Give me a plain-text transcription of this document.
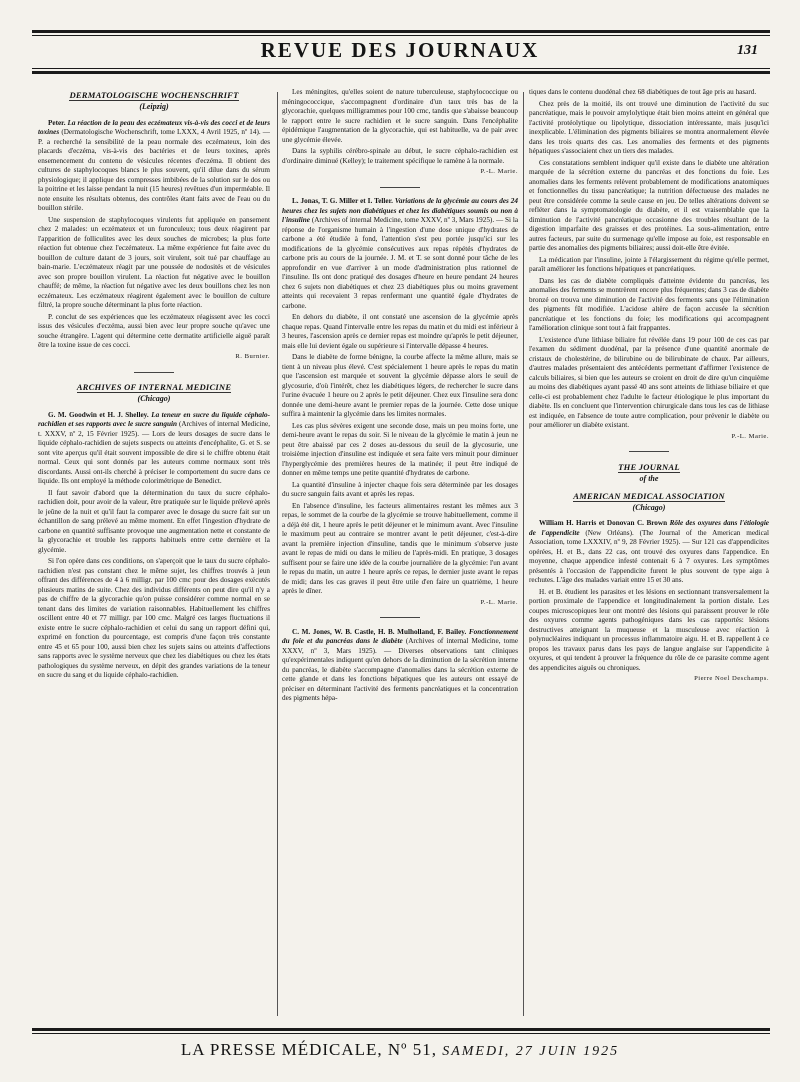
REVUE DES JOURNAUX	131
DERMATOLOGISCHE WOCHENSCHRIFT
(Leipzig)

Peter. La réaction de la peau des eczémateux vis-à-vis des cocci et de leurs toxines (Dermatologische Wochenschrift, tome LXXX, 4 Avril 1925, nº 14). — P. a recherché la sensibilité de la peau normale des eczémateux, loin des placards d'eczéma, vis-à-vis des bactéries et de leurs toxines, après ensemencement du contenu de vésicules récentes d'eczéma. Il obtient des cultures de staphylocoques blancs le plus souvent, qu'il dilue dans du sérum physiologique; il applique des compresses imbibées de la solution sur le dos ou la poitrine et les laisse pendant la nuit (15 heures) revêtues d'un imperméable. Il note ensuite les résultats obtenus, des contrôles étant faits avec de l'eau ou du bouillon stérile.

Une suspension de staphylocoques virulents fut appliquée en pansement chez 2 malades: un eczémateux et un furonculeux; tous deux réagirent par l'apparition de folliculites avec les deux souches de microbes; la plus forte réaction fut obtenue chez l'eczémateux. La même expérience fut faite avec du bouillon de culture datant de 3 jours, soit virulent, soit tué par chauffage au bain-marie. L'eczémateux réagit par une poussée de nodosités et de vésicules avec son propre bouillon virulent. La réaction fut négative avec le bouillon chauffé; de même, la réaction fut négative avec les deux bouillons chez les non eczémateux. Les eczémateux réagirent également avec le bouillon de culture filtré, la propre souche déterminant la plus forte réaction.

P. conclut de ses expériences que les eczémateux réagissent avec les cocci issus des vésicules d'eczéma, aussi bien avec leur propre souche qu'avec une souche étrangère. L'agent qui détermine cette dermatite artificielle aiguë paraît être la toxine issue de ces cocci.

R. Burnier.
ARCHIVES OF INTERNAL MEDICINE
(Chicago)

G. M. Goodwin et H. J. Shelley. La teneur en sucre du liquide céphalo-rachidien et ses rapports avec le sucre sanguin (Archives of internal Medicine, t. XXXV, nº 2, 15 Février 1925). — Lors de leurs dosages de sucre dans le liquide céphalo-rachidien de sujets suspects ou atteints d'encéphalite, G. et S. se sont vite aperçus qu'il était souvent impossible de dire si le chiffre obtenu était normal. Ceux qui sont donnés par les auteurs comme normaux sont très discordants. Aussi ont-ils cherché à préciser le comportement du sucre dans ce liquide. Ils ont employé la méthode colorimétrique de Benedict.

Il faut savoir d'abord que la détermination du taux du sucre céphalo-rachidien doit, pour avoir de la valeur, être pratiquée sur le liquide prélevé après le jeûne de la nuit et qu'il faut la comparer avec le dosage du sucre fait sur un échantillon de sang prélevé au même moment. En effet l'ingestion d'hydrate de carbone en quantité suffisante provoque une augmentation nette et constante de la glycorachie et trouble les rapports habituels entre cette dernière et la glycémie.

Si l'on opère dans ces conditions, on s'aperçoit que le taux du sucre céphalo-rachidien n'est pas constant chez le même sujet, les chiffres trouvés à jeun offrant des différences de 4 à 6 milligr. par 100 cmc pour des dosages exécutés plusieurs matins de suite. Chez des individus différents on peut dire qu'il n'y a pas de chiffre de la glycorachie qu'on puisse considérer comme normal en se tenant dans des limites de variation raisonnables. Habituellement les chiffres oscillent entre 40 et 77 milligr. par 100 cmc. Malgré ces larges fluctuations il existe entre le sucre céphalo-rachidien et celui du sang un rapport défini qui, exprimé en fonction du pourcentage, est compris d'une façon très constante entre 45 et 65 pour 100, aussi bien chez les sujets sains ou atteints d'affections sans rapports avec le système nerveux que chez les diabétiques ou chez les états pathologiques du système nerveux, en dépit des grandes variations de la teneur en sucre du sang et du liquide céphalo-rachidien.

Les méningites, qu'elles soient de nature tuberculeuse, staphylococcique ou méningococcique, s'accompagnent d'ordinaire d'un taux très bas de la glycorachie, quelques milligrammes pour 100 cmc, tandis que s'abaisse beaucoup le rapport entre le sucre rachidien et le sucre sanguin. Dans l'encéphalite épidémique l'augmentation de la glycorachie, qui est habituelle, va de pair avec une glycémie élevée.

Dans la syphilis cérébro-spinale au début, le sucre céphalo-rachidien est d'ordinaire diminué (Kelley); le traitement spécifique le ramène à la normale.

P.-L. Marie.

L. Jonas, T. G. Miller et I. Teller. Variations de la glycémie au cours des 24 heures chez les sujets non diabétiques et chez les diabétiques soumis ou non à l'insuline (Archives of internal Medicine, tome XXXV, nº 3, Mars 1925). — Si la réponse de l'organisme humain à l'ingestion d'une dose unique d'hydrates de carbone a été étudiée à fond, l'attention s'est peu portée jusqu'ici sur les modifications de la glycémie consécutives aux repas répétés d'hydrates de carbone pris au cours de la journée. J. M. et T. se sont donné pour tâche de les approfondir en vue d'arriver à un mode d'administration plus rationnel de l'insuline. Ils ont donc pratiqué des dosages d'heure en heure pendant 24 heures chez 6 sujets non diabétiques et chez 23 diabétiques plus ou moins gravement atteints qui recevaient 3 repas renfermant une quantité égale d'hydrates de carbone.

En dehors du diabète, il ont constaté une ascension de la glycémie après chaque repas. Quand l'intervalle entre les repas du matin et du midi est inférieur à 3 heures, l'ascension après ce dernier repas est moindre qu'après le petit déjeuner, mais elle lui devient égale ou supérieure si l'intervalle dépasse 4 heures.

Dans le diabète de forme bénigne, la courbe affecte la même allure, mais se tient à un niveau plus élevé. C'est spécialement 1 heure après le repas du matin que l'ascension est marquée et souvent la glycémie dépasse alors le seuil de glycosurie, d'où l'intérêt, chez les diabétiques légers, de rechercher le sucre dans l'urine évacuée 1 heure ou 2 après le petit déjeuner. Chez eux l'insuline sera donc donnée une demi-heure avant le premier repas de la journée. Cette dose unique suffira à maintenir la glycémie dans les limites normales.

Les cas plus sévères exigent une seconde dose, mais un peu moins forte, une demi-heure avant le repas du soir. Si le niveau de la glycémie le matin à jeun ne peut être abaissé par ces 2 doses au-dessous du seuil de la glycosurie, une troisième injection d'insuline est indiquée et sera faite vers minuit pour diminuer l'hyperglycémie des premières heures de la matinée; il peut être indiqué de donner en même temps une petite quantité d'hydrates de carbone.

La quantité d'insuline à injecter chaque fois sera déterminée par les dosages du sucre sanguin faits avant et après les repas.

En l'absence d'insuline, les facteurs alimentaires restant les mêmes aux 3 repas, le sommet de la courbe de la glycémie se trouve habituellement, comme il a déjà été dit, 1 heure après le petit déjeuner et le minimum avant. Avec l'insuline le maximum peut au contraire se montrer avant le petit déjeuner, c'est-à-dire avant la première injection d'insuline, tandis que le minimum s'observe juste avant le repas de midi ou dans le milieu de l'après-midi. En pratique, 3 dosages suffisent pour se faire une idée de la courbe journalière de la glycémie: l'un avant le repas du matin, un autre 1 heure après ce repas, le dernier juste avant le repas de midi; dans les cas graves il peut être utile d'en faire un quatrième, 1 heure après le dîner.

P.-L. Marie.

C. M. Jones, W. B. Castle, H. B. Mulholland, F. Bailey. Fonctionnement du foie et du pancréas dans le diabète (Archives of internal Medicine, tome XXXV, nº 3, Mars 1925). — Diverses observations tant cliniques qu'expérimentales indiquent qu'en dehors de la diminution de la sécrétion interne du pancréas, le diabète s'accompagne d'anomalies dans la sécrétion externe de cette glande et dans les fonctions hépatiques que les auteurs ont essayé de préciser en déterminant l'activité des ferments pancréatiques et la concentration des pigments hépa-

tiques dans le contenu duodénal chez 68 diabétiques de tout âge pris au hasard.

Chez près de la moitié, ils ont trouvé une diminution de l'activité du suc pancréatique, mais le pouvoir amylolytique était bien moins atteint en général que l'activité protéolytique ou lipolytique, dissociation intéressante, mais jusqu'ici inexplicable. L'élimination des pigments biliaires se montra anormalement élevée dans les trois quarts des cas. Les anomalies des ferments et des pigments hépatiques s'associaient chez un tiers des malades.

Ces constatations semblent indiquer qu'il existe dans le diabète une altération marquée de la sécrétion externe du pancréas et des fonctions du foie. Les anomalies dans les ferments relèvent probablement de modifications anatomiques et fonctionnelles du tissu pancréatique; la nutrition défectueuse des malades ne peut être considérée comme la seule cause en jeu. De telles altérations doivent se refléter dans la symptomatologie du diabète, et il est vraisemblable que la diminution de l'activité pancréatique occasionne des troubles résultant de la digestion imparfaite des graisses et des protéines. La sous-alimentation, entre autres facteurs, par suite du surmenage qu'elle impose au foie, est responsable en partie des anomalies des pigments biliaires; aussi doit-elle être évitée.

La médication par l'insuline, jointe à l'élargissement du régime qu'elle permet, paraît améliorer les fonctions hépatiques et pancréatiques.

Dans les cas de diabète compliqués d'atteinte évidente du pancréas, les anomalies des ferments se montrèrent encore plus fréquentes; dans 3 cas de diabète bronzé on trouva une diminution de l'activité des ferments sans que l'élimination des pigments fût modifiée. L'acidose altère de façon accusée la sécrétion pancréatique et les fonctions du foie; les modifications qui accompagnent l'amélioration clinique sont tout à fait frappantes.

L'existence d'une lithiase biliaire fut révélée dans 19 pour 100 de ces cas par l'examen du sédiment duodénal, par la présence d'une quantité anormale de cristaux de cholestérine, de bilirubine ou de bilirubinate de chaux. Par ailleurs, d'autres malades présentaient des antécédents permettant d'affirmer l'existence de calculs biliaires, si bien que les auteurs se croient en droit de dire qu'un cinquième au moins des diabétiques ayant passé 40 ans sont atteints de lithiase biliaire et que celle-ci est probablement chez l'adulte le facteur étiologique le plus important du diabète. Ils en concluent que l'intervention chirurgicale dans tous les cas de lithiase est indiquée, en l'absence de toute autre complication, pour prévenir le diabète ou pour améliorer un diabète existant.

P.-L. Marie.
THE JOURNAL
of the
AMERICAN MEDICAL ASSOCIATION
(Chicago)

William H. Harris et Donovan C. Brown Rôle des oxyures dans l'étiologie de l'appendicite (New Orléans). (The Journal of the American medical Association, tome LXXXIV, nº 9, 28 Février 1925). — Sur 121 cas d'appendicites opérées, H. et B., dans 22 cas, ont trouvé des oxyures dans l'appendice. En moyenne, chaque appendice infesté contenait 6 à 7 oxyures. Les symptômes présentés à l'occasion de l'appendicite furent le plus souvent de type aigu à rechutes. L'âge des malades variait entre 15 et 30 ans.

H. et B. étudient les parasites et les lésions en sectionnant transversalement la portion proximale de l'appendice et longitudinalement la portion distale. Les coupes microscopiques leur ont montré des lésions qui paraissent prouver le rôle des oxyures comme agents pathogéniques dans les cas rapportés: lésions destructives atteignant la muqueuse et la musculeuse avec réaction à polynucléaires indiquant un processus inflammatoire aigu. H. et B. rappellent à ce propos les travaux parus dans les pays de langue anglaise sur l'appendicite à oxyures, et qui tendent à prouver la fréquence du rôle de ce parasite comme agent des appendicites aiguës ou chroniques.

Pierre Noel Deschamps.
LA PRESSE MÉDICALE, Nº 51, SAMEDI, 27 JUIN 1925
